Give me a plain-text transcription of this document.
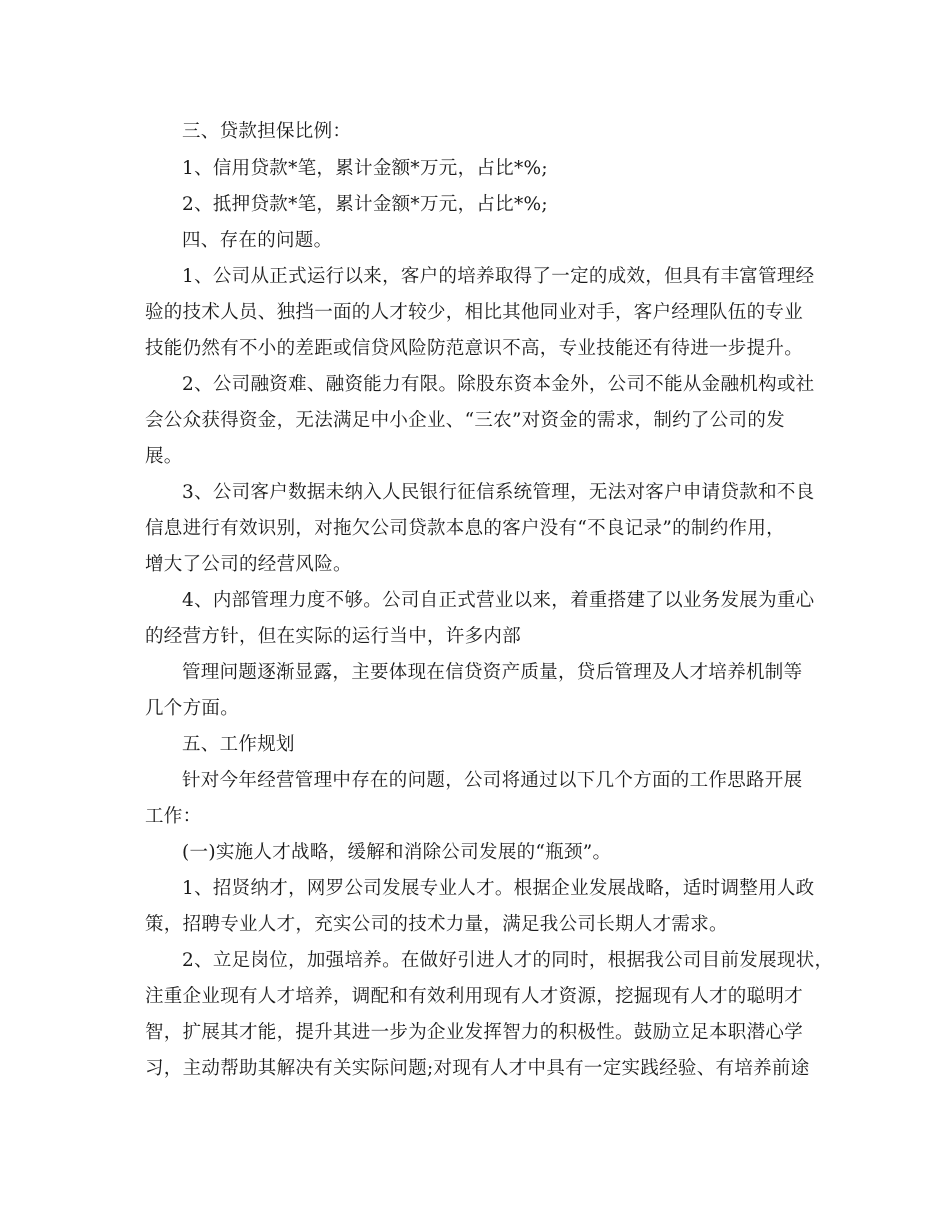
三、贷款担保比例：

1、信用贷款*笔，累计金额*万元，占比*%;

2、抵押贷款*笔，累计金额*万元，占比*%;

四、存在的问题。

1、公司从正式运行以来，客户的培养取得了一定的成效，但具有丰富管理经

验的技术人员、独挡一面的人才较少，相比其他同业对手，客户经理队伍的专业

技能仍然有不小的差距或信贷风险防范意识不高，专业技能还有待进一步提升。

2、公司融资难、融资能力有限。除股东资本金外，公司不能从金融机构或社

会公众获得资金，无法满足中小企业、“三农”对资金的需求，制约了公司的发

展。

3、公司客户数据未纳入人民银行征信系统管理，无法对客户申请贷款和不良

信息进行有效识别，对拖欠公司贷款本息的客户没有“不良记录”的制约作用，

增大了公司的经营风险。

4、内部管理力度不够。公司自正式营业以来，着重搭建了以业务发展为重心

的经营方针，但在实际的运行当中，许多内部

管理问题逐渐显露，主要体现在信贷资产质量，贷后管理及人才培养机制等

几个方面。

五、工作规划

针对今年经营管理中存在的问题，公司将通过以下几个方面的工作思路开展

工作：

(一)实施人才战略，缓解和消除公司发展的“瓶颈”。

1、招贤纳才，网罗公司发展专业人才。根据企业发展战略，适时调整用人政

策，招聘专业人才，充实公司的技术力量，满足我公司长期人才需求。

2、立足岗位，加强培养。在做好引进人才的同时，根据我公司目前发展现状，

注重企业现有人才培养，调配和有效利用现有人才资源，挖掘现有人才的聪明才

智，扩展其才能，提升其进一步为企业发挥智力的积极性。鼓励立足本职潜心学

习，主动帮助其解决有关实际问题;对现有人才中具有一定实践经验、有培养前途
